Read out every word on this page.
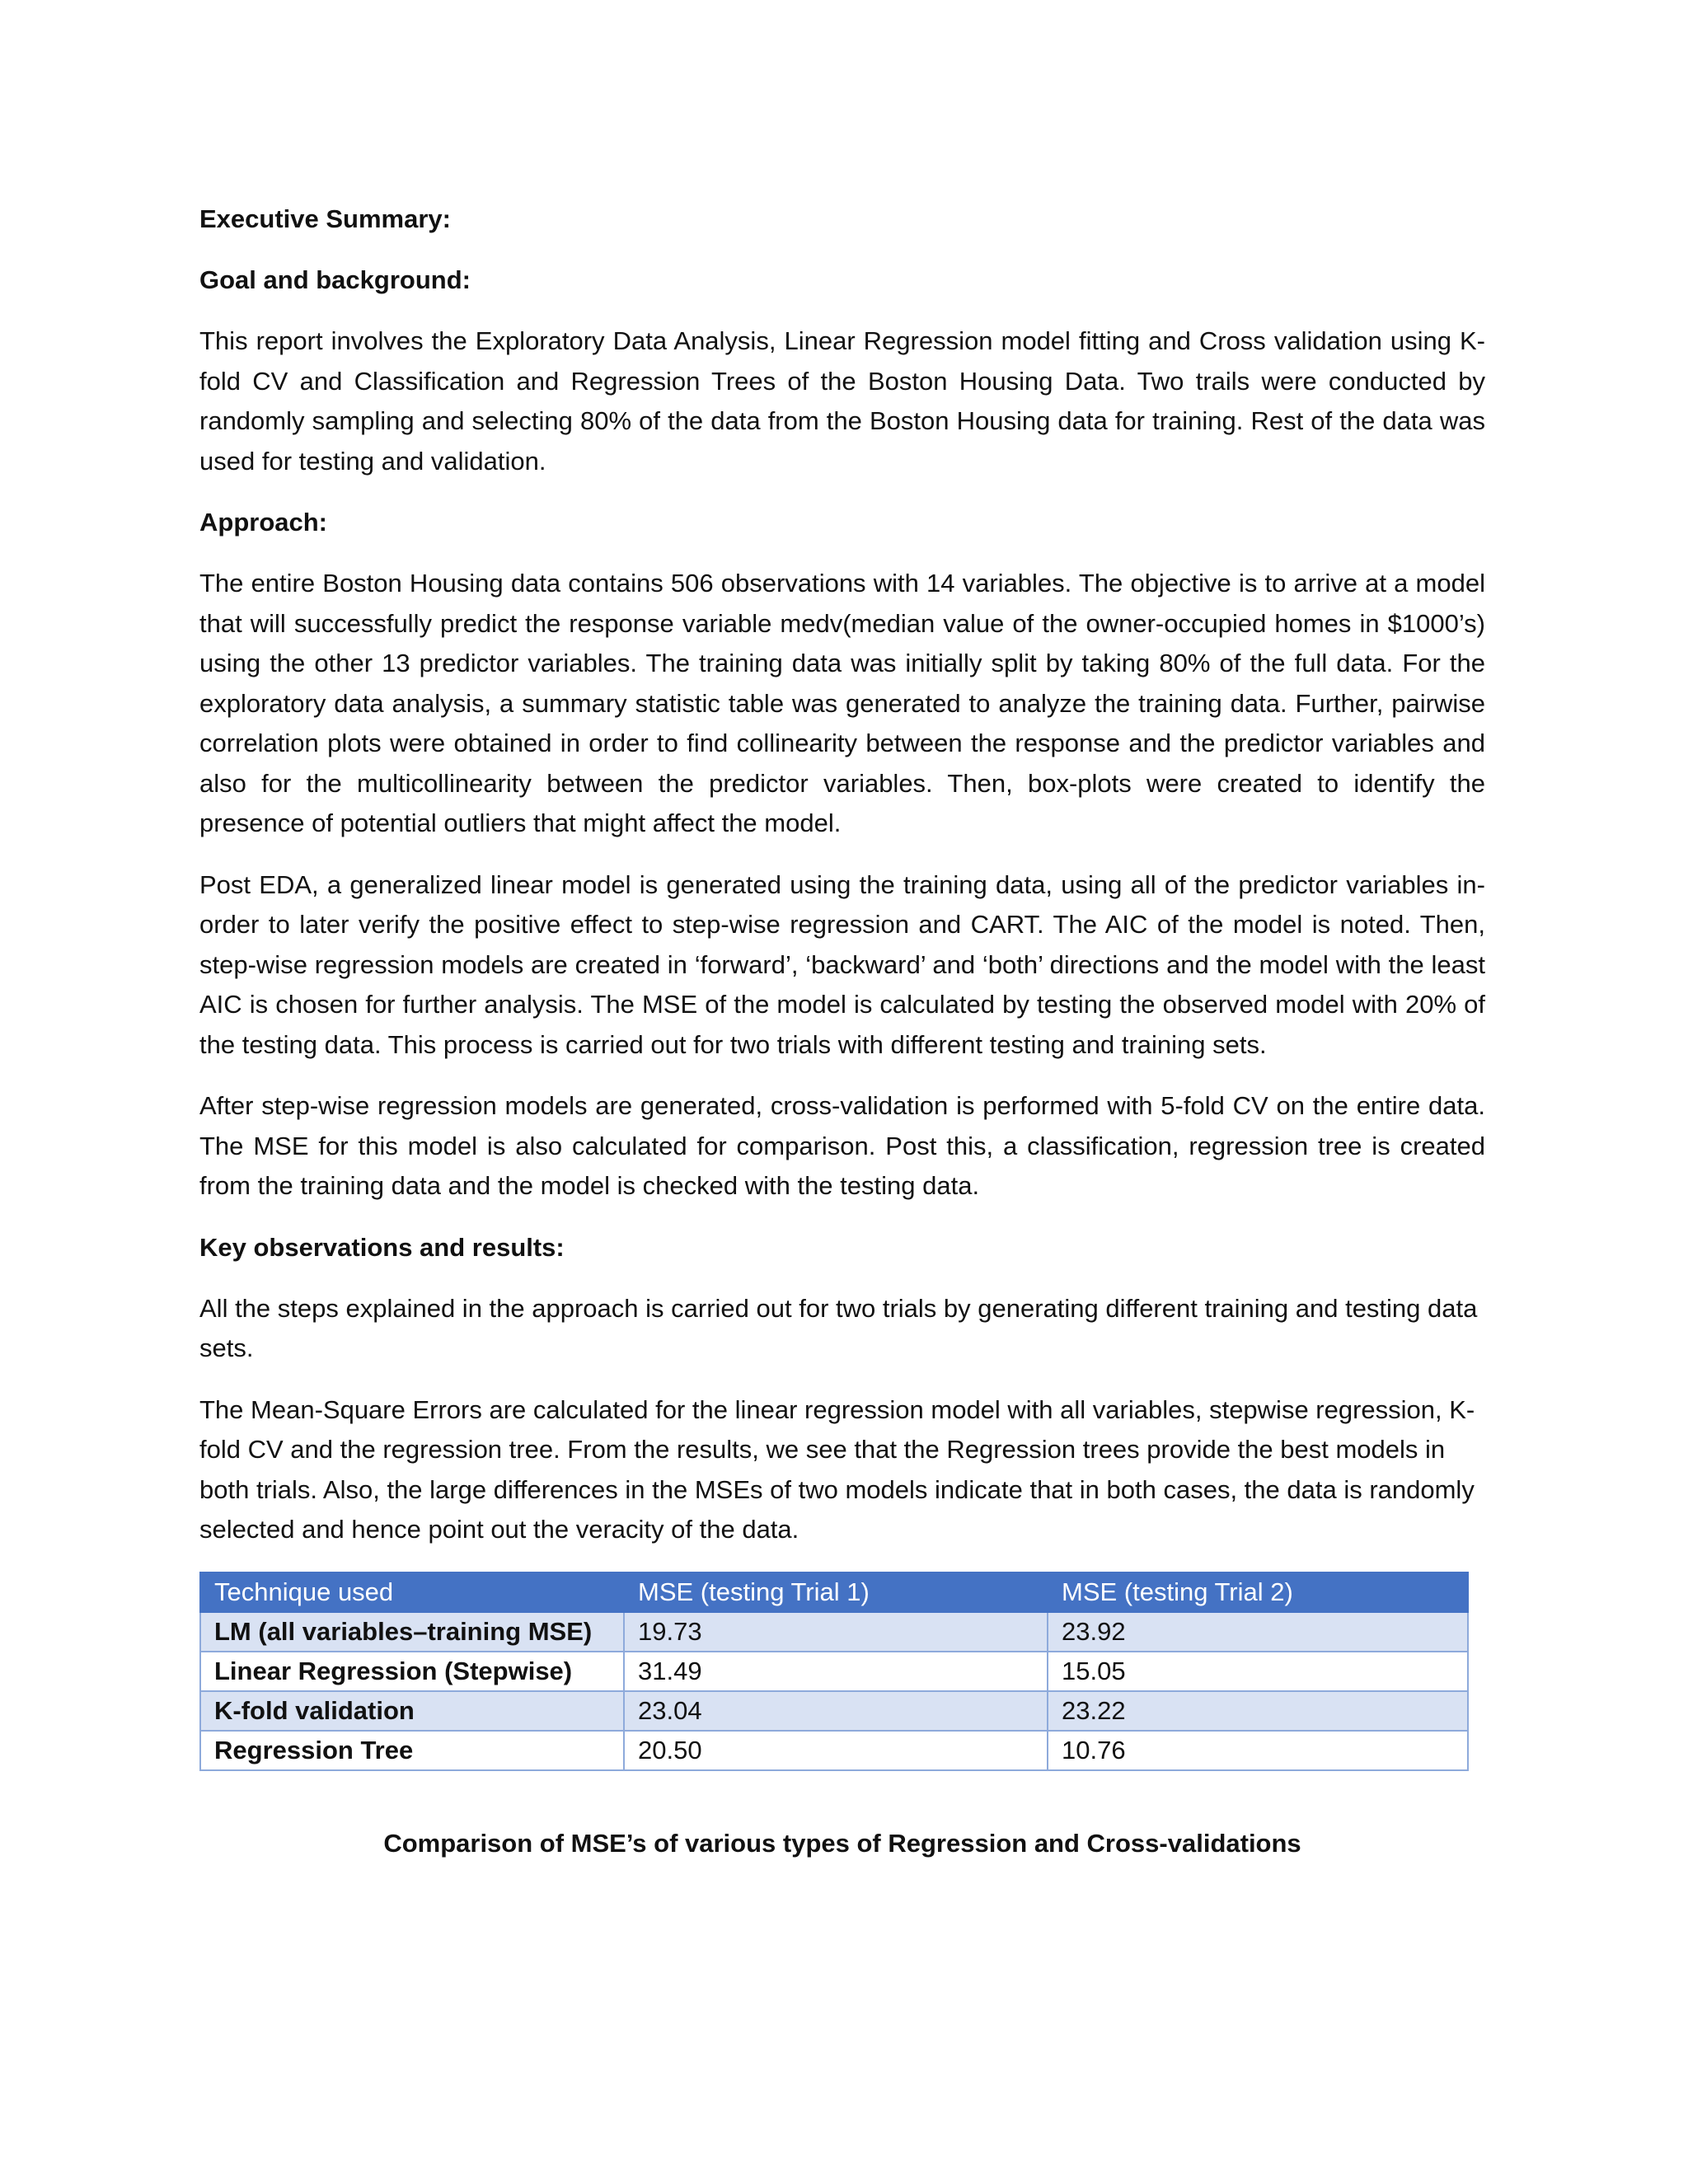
Executive Summary:
Goal and background:
This report involves the Exploratory Data Analysis, Linear Regression model fitting and Cross validation using K-fold CV and Classification and Regression Trees of the Boston Housing Data. Two trails were conducted by randomly sampling and selecting 80% of the data from the Boston Housing data for training. Rest of the data was used for testing and validation.
Approach:
The entire Boston Housing data contains 506 observations with 14 variables. The objective is to arrive at a model that will successfully predict the response variable medv(median value of the owner-occupied homes in $1000’s) using the other 13 predictor variables. The training data was initially split by taking 80% of the full data. For the exploratory data analysis, a summary statistic table was generated to analyze the training data. Further, pairwise correlation plots were obtained in order to find collinearity between the response and the predictor variables and also for the multicollinearity between the predictor variables. Then, box-plots were created to identify the presence of potential outliers that might affect the model.
Post EDA, a generalized linear model is generated using the training data, using all of the predictor variables in-order to later verify the positive effect to step-wise regression and CART. The AIC of the model is noted. Then, step-wise regression models are created in ‘forward’, ‘backward’ and ‘both’ directions and the model with the least AIC is chosen for further analysis. The MSE of the model is calculated by testing the observed model with 20% of the testing data. This process is carried out for two trials with different testing and training sets.
After step-wise regression models are generated, cross-validation is performed with 5-fold CV on the entire data. The MSE for this model is also calculated for comparison. Post this, a classification, regression tree is created from the training data and the model is checked with the testing data.
Key observations and results:
All the steps explained in the approach is carried out for two trials by generating different training and testing data sets.
The Mean-Square Errors are calculated for the linear regression model with all variables, stepwise regression, K-fold CV and the regression tree. From the results, we see that the Regression trees provide the best models in both trials. Also, the large differences in the MSEs of two models indicate that in both cases, the data is randomly selected and hence point out the veracity of the data.
Technique used	MSE (testing Trial 1)	MSE (testing Trial 2)
LM (all variables–training MSE)	19.73	23.92
Linear Regression (Stepwise)	31.49	15.05
K-fold validation	23.04	23.22
Regression Tree	20.50	10.76
Comparison of MSE’s of various types of Regression and Cross-validations
